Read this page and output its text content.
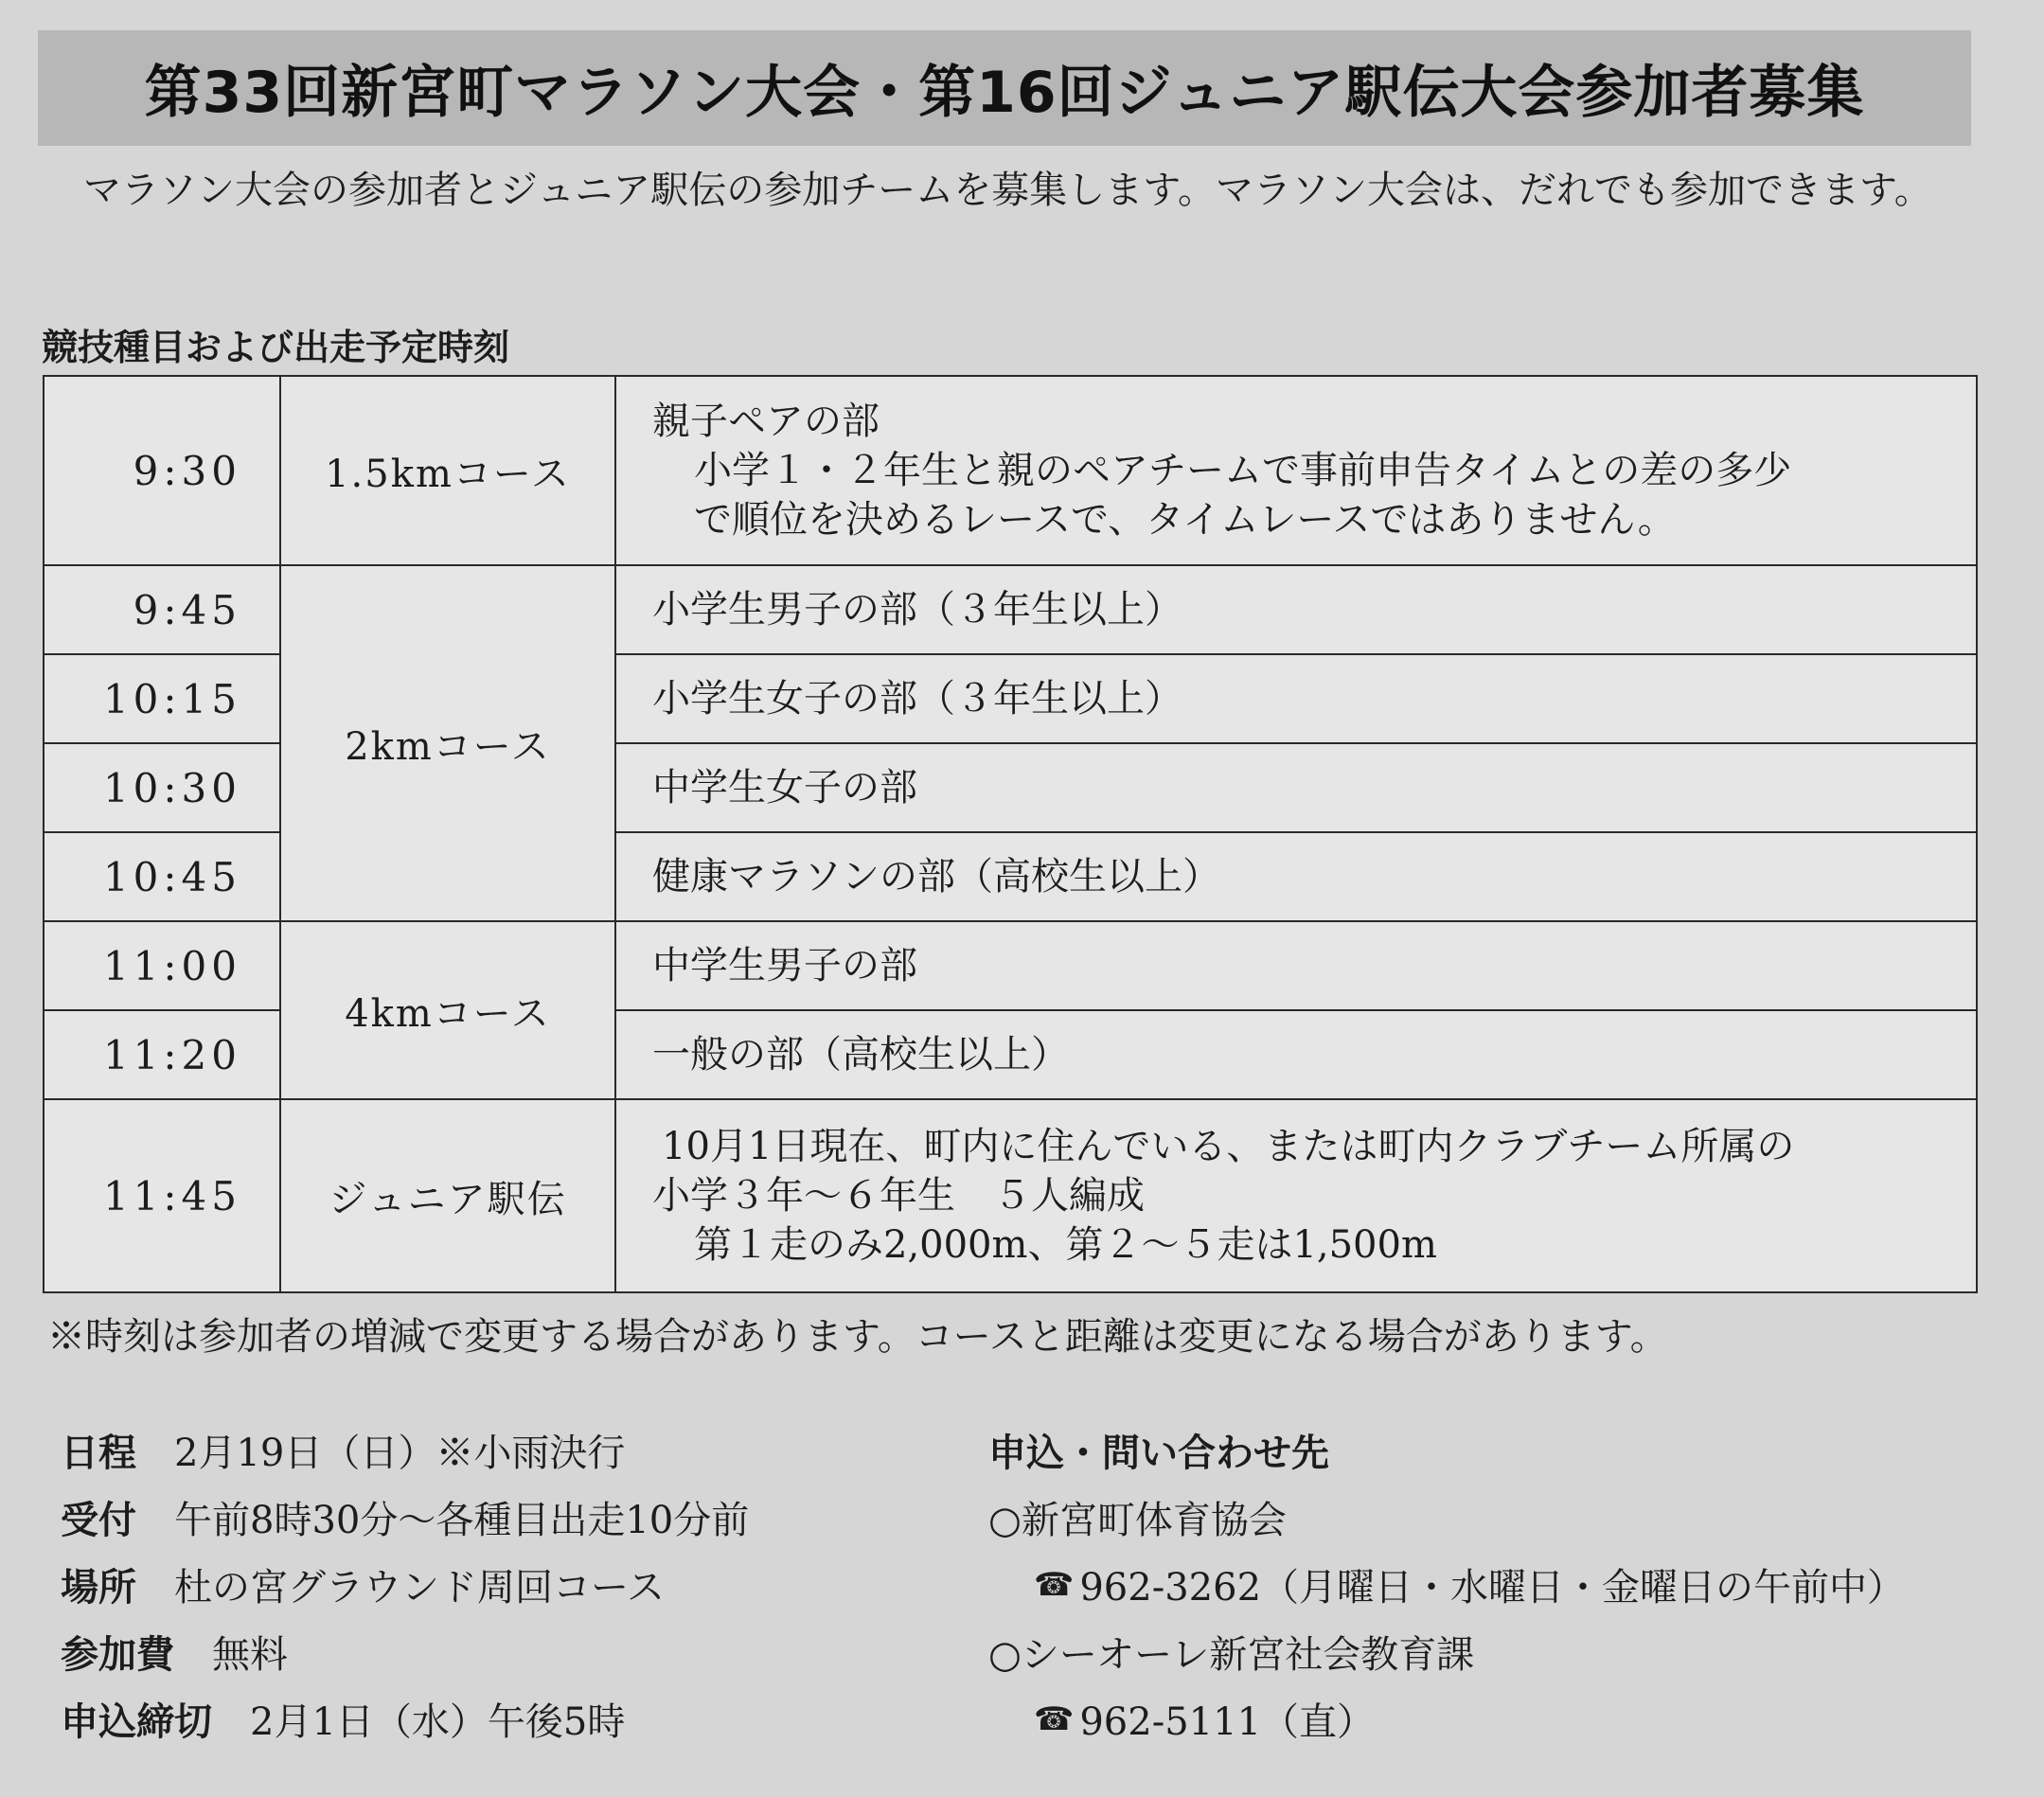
第33回新宮町マラソン大会・第16回ジュニア駅伝大会参加者募集

マラソン大会の参加者とジュニア駅伝の参加チームを募集します。マラソン大会は、だれでも参加できます。

競技種目および出走予定時刻
9:30	1.5kmコース	親子ペアの部
小学１・２年生と親のペアチームで事前申告タイムとの差の多少
で順位を決めるレースで、タイムレースではありません。

9:45	2kmコース	小学生男子の部（３年生以上）
10:15		小学生女子の部（３年生以上）
10:30		中学生女子の部
10:45		健康マラソンの部（高校生以上）
11:00	4kmコース	中学生男子の部
11:20		一般の部（高校生以上）
11:45	ジュニア駅伝	10月1日現在、町内に住んでいる、または町内クラブチーム所属の
小学３年～６年生　５人編成
第１走のみ2,000m、第２～５走は1,500m

※時刻は参加者の増減で変更する場合があります。コースと距離は変更になる場合があります。

日程 2月19日（日）※小雨決行
受付 午前8時30分～各種目出走10分前
場所 杜の宮グラウンド周回コース
参加費 無料
申込締切 2月1日（水）午後5時
申込・問い合わせ先
○新宮町体育協会
☎ 962-3262（月曜日・水曜日・金曜日の午前中）
○シーオーレ新宮社会教育課
☎ 962-5111（直）
